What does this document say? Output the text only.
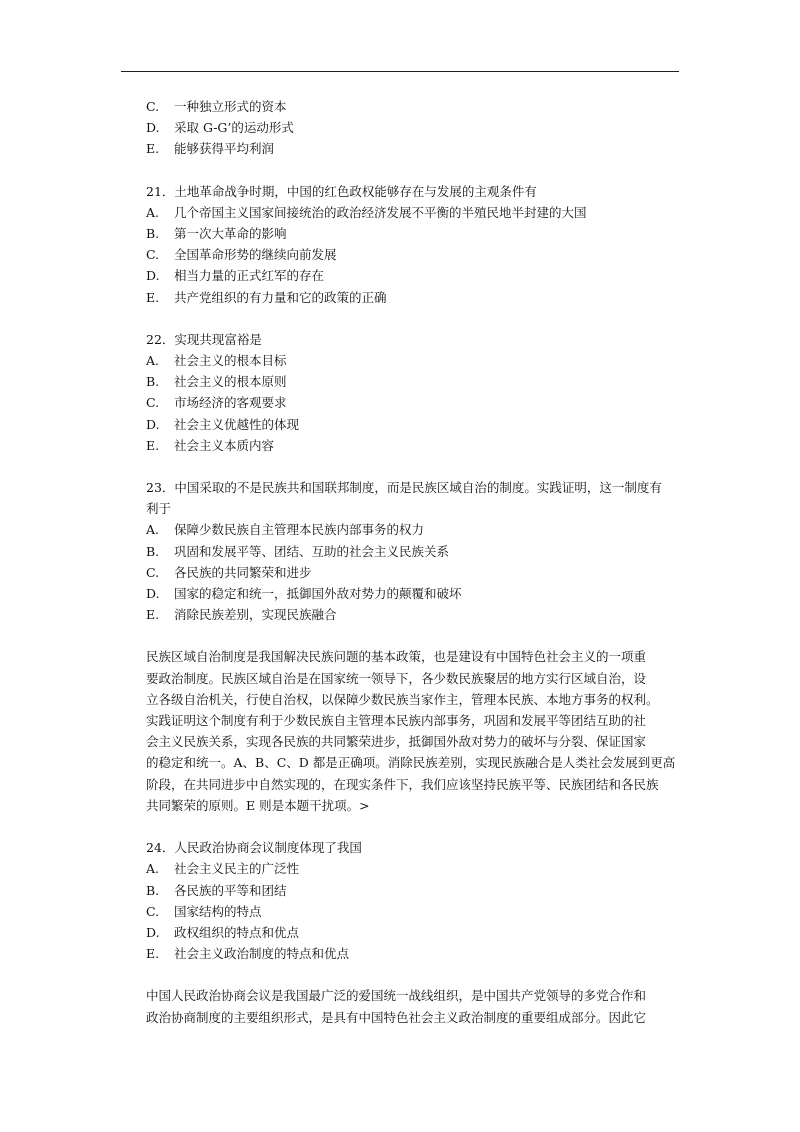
C.	一种独立形式的资本
D.	采取 G-G’的运动形式
E.	能够获得平均利润
21．土地革命战争时期，中国的红色政权能够存在与发展的主观条件有
A.	几个帝国主义国家间接统治的政治经济发展不平衡的半殖民地半封建的大国
B.	第一次大革命的影响
C.	全国革命形势的继续向前发展
D.	相当力量的正式红军的存在
E.	共产党组织的有力量和它的政策的正确
22．实现共现富裕是
A.	社会主义的根本目标
B.	社会主义的根本原则
C.	市场经济的客观要求
D.	社会主义优越性的体现
E.	社会主义本质内容
23．中国采取的不是民族共和国联邦制度，而是民族区域自治的制度。实践证明，这一制度有
利于
A.	保障少数民族自主管理本民族内部事务的权力
B.	巩固和发展平等、团结、互助的社会主义民族关系
C.	各民族的共同繁荣和进步
D.	国家的稳定和统一，抵御国外敌对势力的颠覆和破坏
E.	消除民族差别，实现民族融合
民族区域自治制度是我国解决民族问题的基本政策，也是建设有中国特色社会主义的一项重
要政治制度。民族区域自治是在国家统一领导下，各少数民族聚居的地方实行区域自治，设
立各级自治机关，行使自治权，以保障少数民族当家作主，管理本民族、本地方事务的权利。
实践证明这个制度有利于少数民族自主管理本民族内部事务，巩固和发展平等团结互助的社
会主义民族关系，实现各民族的共同繁荣进步，抵御国外敌对势力的破坏与分裂、保证国家
的稳定和统一。A、B、C、D 都是正确项。消除民族差别，实现民族融合是人类社会发展到更高
阶段，在共同进步中自然实现的，在现实条件下，我们应该坚持民族平等、民族团结和各民族
共同繁荣的原则。E 则是本题干扰项。>
24．人民政治协商会议制度体现了我国
A.	社会主义民主的广泛性
B.	各民族的平等和团结
C.	国家结构的特点
D.	政权组织的特点和优点
E.	社会主义政治制度的特点和优点
中国人民政治协商会议是我国最广泛的爱国统一战线组织，是中国共产党领导的多党合作和
政治协商制度的主要组织形式，是具有中国特色社会主义政治制度的重要组成部分。因此它
